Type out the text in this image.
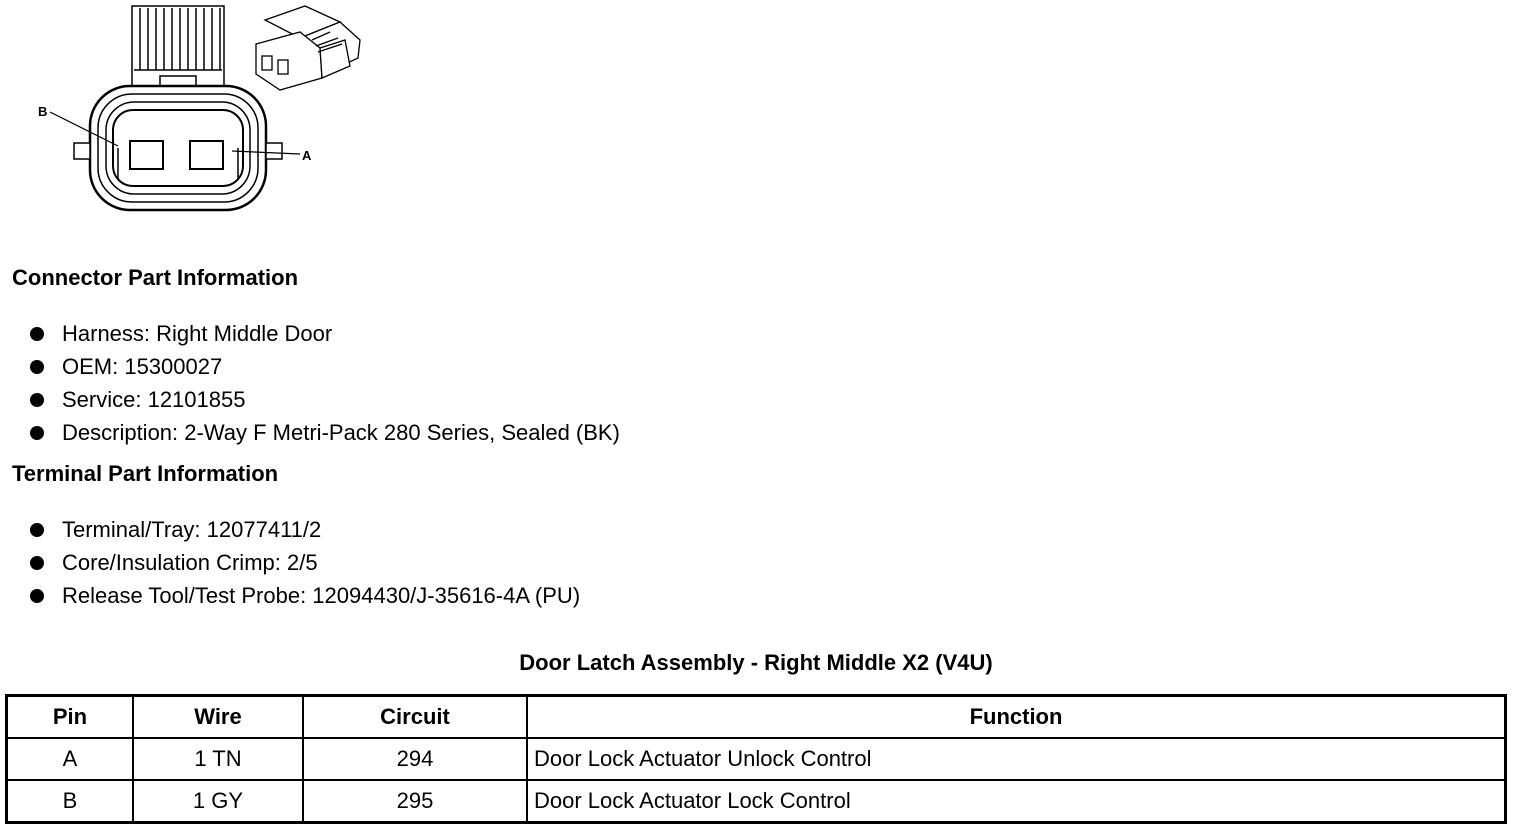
B
A
Connector Part Information
Harness: Right Middle Door
OEM: 15300027
Service: 12101855
Description: 2-Way F Metri-Pack 280 Series, Sealed (BK)
Terminal Part Information
Terminal/Tray: 12077411/2
Core/Insulation Crimp: 2/5
Release Tool/Test Probe: 12094430/J-35616-4A (PU)
Door Latch Assembly - Right Middle X2 (V4U)
Pin	Wire	Circuit	Function
A	1 TN	294	Door Lock Actuator Unlock Control
B	1 GY	295	Door Lock Actuator Lock Control
